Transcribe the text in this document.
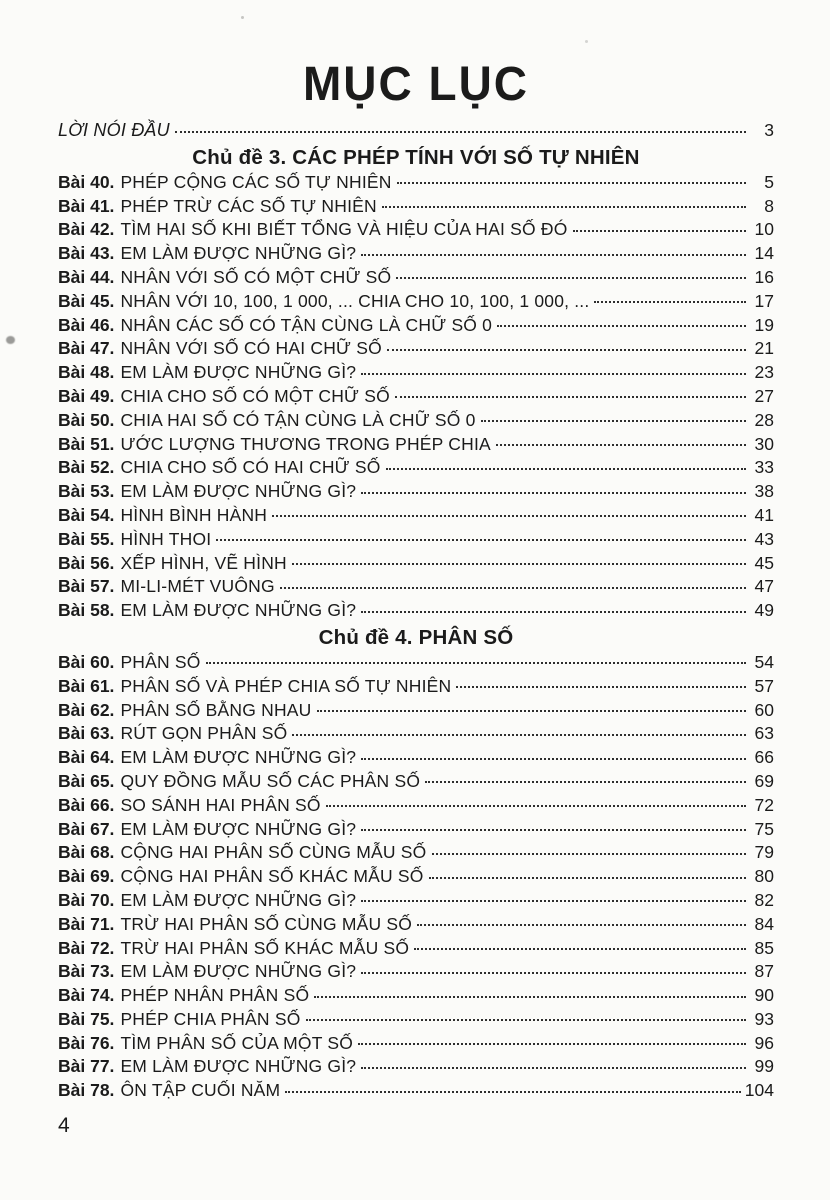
MỤC LỤC
LỜI NÓI ĐẦU	3
Chủ đề 3. CÁC PHÉP TÍNH VỚI SỐ TỰ NHIÊN
Bài 40. PHÉP CỘNG CÁC SỐ TỰ NHIÊN	5
Bài 41. PHÉP TRỪ CÁC SỐ TỰ NHIÊN	8
Bài 42. TÌM HAI SỐ KHI BIẾT TỔNG VÀ HIỆU CỦA HAI SỐ ĐÓ	10
Bài 43. EM LÀM ĐƯỢC NHỮNG GÌ?	14
Bài 44. NHÂN VỚI SỐ CÓ MỘT CHỮ SỐ	16
Bài 45. NHÂN VỚI 10, 100, 1 000, ... CHIA CHO 10, 100, 1 000, ...	17
Bài 46. NHÂN CÁC SỐ CÓ TẬN CÙNG LÀ CHỮ SỐ 0	19
Bài 47. NHÂN VỚI SỐ CÓ HAI CHỮ SỐ	21
Bài 48. EM LÀM ĐƯỢC NHỮNG GÌ?	23
Bài 49. CHIA CHO SỐ CÓ MỘT CHỮ SỐ	27
Bài 50. CHIA HAI SỐ CÓ TẬN CÙNG LÀ CHỮ SỐ 0	28
Bài 51. ƯỚC LƯỢNG THƯƠNG TRONG PHÉP CHIA	30
Bài 52. CHIA CHO SỐ CÓ HAI CHỮ SỐ	33
Bài 53. EM LÀM ĐƯỢC NHỮNG GÌ?	38
Bài 54. HÌNH BÌNH HÀNH	41
Bài 55. HÌNH THOI	43
Bài 56. XẾP HÌNH, VẼ HÌNH	45
Bài 57. MI-LI-MÉT VUÔNG	47
Bài 58. EM LÀM ĐƯỢC NHỮNG GÌ?	49
Chủ đề 4. PHÂN SỐ
Bài 60. PHÂN SỐ	54
Bài 61. PHÂN SỐ VÀ PHÉP CHIA SỐ TỰ NHIÊN	57
Bài 62. PHÂN SỐ BẰNG NHAU	60
Bài 63. RÚT GỌN PHÂN SỐ	63
Bài 64. EM LÀM ĐƯỢC NHỮNG GÌ?	66
Bài 65. QUY ĐỒNG MẪU SỐ CÁC PHÂN SỐ	69
Bài 66. SO SÁNH HAI PHÂN SỐ	72
Bài 67. EM LÀM ĐƯỢC NHỮNG GÌ?	75
Bài 68. CỘNG HAI PHÂN SỐ CÙNG MẪU SỐ	79
Bài 69. CỘNG HAI PHÂN SỐ KHÁC MẪU SỐ	80
Bài 70. EM LÀM ĐƯỢC NHỮNG GÌ?	82
Bài 71. TRỪ HAI PHÂN SỐ CÙNG MẪU SỐ	84
Bài 72. TRỪ HAI PHÂN SỐ KHÁC MẪU SỐ	85
Bài 73. EM LÀM ĐƯỢC NHỮNG GÌ?	87
Bài 74. PHÉP NHÂN PHÂN SỐ	90
Bài 75. PHÉP CHIA PHÂN SỐ	93
Bài 76. TÌM PHÂN SỐ CỦA MỘT SỐ	96
Bài 77. EM LÀM ĐƯỢC NHỮNG GÌ?	99
Bài 78. ÔN TẬP CUỐI NĂM	104
4
